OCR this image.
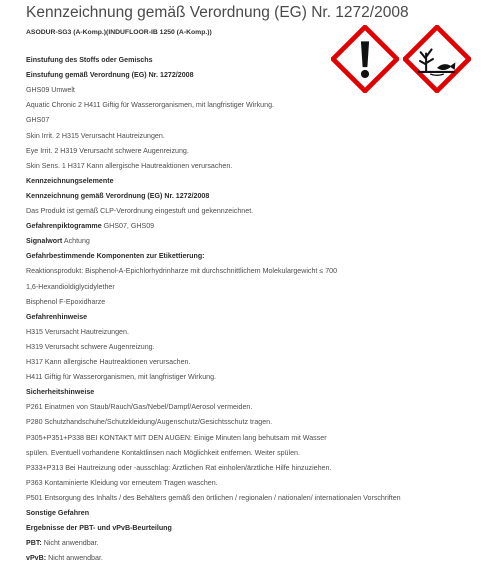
Kennzeichnung gemäß Verordnung (EG) Nr. 1272/2008
ASODUR-SG3 (A-Komp.)(INDUFLOOR-IB 1250 (A-Komp.))
Einstufung des Stoffs oder Gemischs
Einstufung gemäß Verordnung (EG) Nr. 1272/2008
GHS09 Umwelt
Aquatic Chronic 2 H411 Giftig für Wasserorganismen, mit langfristiger Wirkung.
GHS07
Skin Irrit. 2 H315 Verursacht Hautreizungen.
Eye Irrit. 2 H319 Verursacht schwere Augenreizung.
Skin Sens. 1 H317 Kann allergische Hautreaktionen verursachen.
Kennzeichnungselemente
Kennzeichnung gemäß Verordnung (EG) Nr. 1272/2008
Das Produkt ist gemäß CLP-Verordnung eingestuft und gekennzeichnet.
Gefahrenpiktogramme GHS07, GHS09
Signalwort Achtung
Gefahrbestimmende Komponenten zur Etikettierung:
Reaktionsprodukt: Bisphenol-A-Epichlorhydrinharze mit durchschnittlichem Molekulargewicht ≤ 700
1,6-Hexandioldiglycidylether
Bisphenol F-Epoxidharze
Gefahrenhinweise
H315 Verursacht Hautreizungen.
H319 Verursacht schwere Augenreizung.
H317 Kann allergische Hautreaktionen verursachen.
H411 Giftig für Wasserorganismen, mit langfristiger Wirkung.
Sicherheitshinweise
P261 Einatmen von Staub/Rauch/Gas/Nebel/Dampf/Aerosol vermeiden.
P280 Schutzhandschuhe/Schutzkleidung/Augenschutz/Gesichtsschutz tragen.
P305+P351+P338 BEI KONTAKT MIT DEN AUGEN: Einige Minuten lang behutsam mit Wasser
spülen. Eventuell vorhandene Kontaktlinsen nach Möglichkeit entfernen. Weiter spülen.
P333+P313 Bei Hautreizung oder -ausschlag: Ärztlichen Rat einholen/ärztliche Hilfe hinzuziehen.
P363 Kontaminierte Kleidung vor erneutem Tragen waschen.
P501 Entsorgung des Inhalts / des Behälters gemäß den örtlichen / regionalen / nationalen/ internationalen Vorschriften
Sonstige Gefahren
Ergebnisse der PBT- und vPvB-Beurteilung
PBT: Nicht anwendbar.
vPvB: Nicht anwendbar.
